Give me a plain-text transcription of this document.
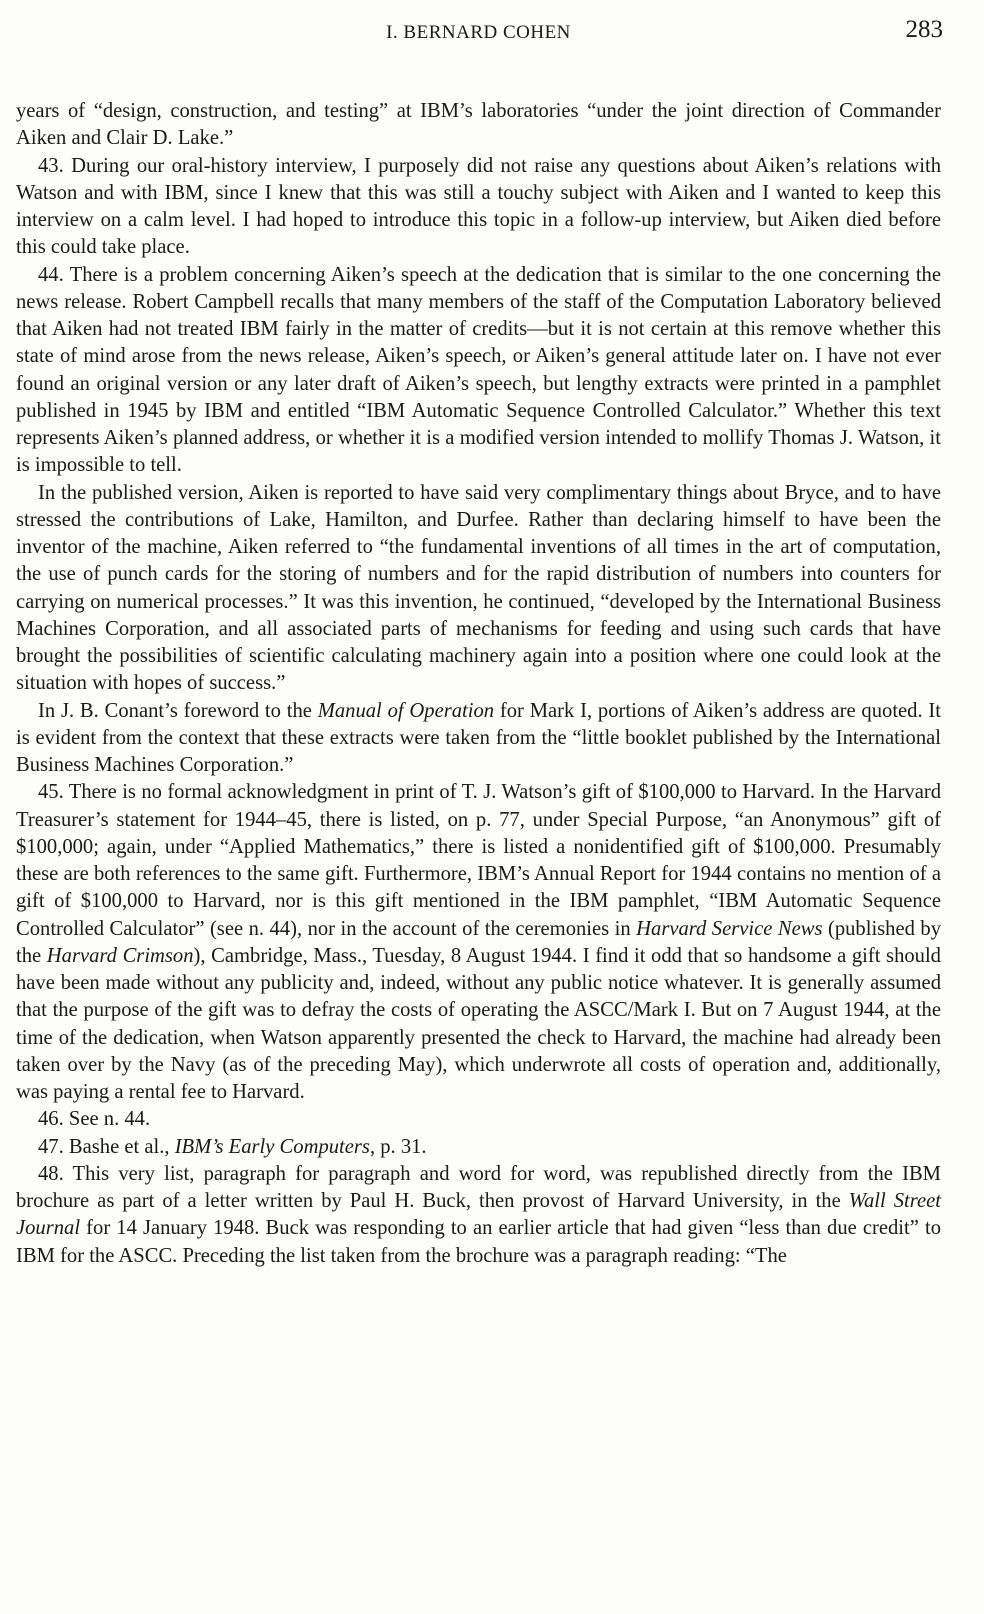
I. BERNARD COHEN	283

years of “design, construction, and testing” at IBM’s laboratories “under the joint direction of Commander Aiken and Clair D. Lake.”

43. During our oral-history interview, I purposely did not raise any questions about Aiken’s relations with Watson and with IBM, since I knew that this was still a touchy subject with Aiken and I wanted to keep this interview on a calm level. I had hoped to introduce this topic in a follow-up interview, but Aiken died before this could take place.

44. There is a problem concerning Aiken’s speech at the dedication that is similar to the one concerning the news release. Robert Campbell recalls that many members of the staff of the Computation Laboratory believed that Aiken had not treated IBM fairly in the matter of credits—but it is not certain at this remove whether this state of mind arose from the news release, Aiken’s speech, or Aiken’s general attitude later on. I have not ever found an original version or any later draft of Aiken’s speech, but lengthy extracts were printed in a pamphlet published in 1945 by IBM and entitled “IBM Automatic Sequence Controlled Calculator.” Whether this text represents Aiken’s planned address, or whether it is a modified version intended to mollify Thomas J. Watson, it is impossible to tell.

In the published version, Aiken is reported to have said very complimentary things about Bryce, and to have stressed the contributions of Lake, Hamilton, and Durfee. Rather than declaring himself to have been the inventor of the machine, Aiken referred to “the fundamental inventions of all times in the art of computation, the use of punch cards for the storing of numbers and for the rapid distribution of numbers into counters for carrying on numerical processes.” It was this invention, he continued, “developed by the International Business Machines Corporation, and all associated parts of mechanisms for feeding and using such cards that have brought the possibilities of scientific calculating machinery again into a position where one could look at the situation with hopes of success.”

In J. B. Conant’s foreword to the Manual of Operation for Mark I, portions of Aiken’s address are quoted. It is evident from the context that these extracts were taken from the “little booklet published by the International Business Machines Corporation.”

45. There is no formal acknowledgment in print of T. J. Watson’s gift of $100,000 to Harvard. In the Harvard Treasurer’s statement for 1944–45, there is listed, on p. 77, under Special Purpose, “an Anonymous” gift of $100,000; again, under “Applied Mathematics,” there is listed a nonidentified gift of $100,000. Presumably these are both references to the same gift. Furthermore, IBM’s Annual Report for 1944 contains no mention of a gift of $100,000 to Harvard, nor is this gift mentioned in the IBM pamphlet, “IBM Automatic Sequence Controlled Calculator” (see n. 44), nor in the account of the ceremonies in Harvard Service News (published by the Harvard Crimson), Cambridge, Mass., Tuesday, 8 August 1944. I find it odd that so handsome a gift should have been made without any publicity and, indeed, without any public notice whatever. It is generally assumed that the purpose of the gift was to defray the costs of operating the ASCC/Mark I. But on 7 August 1944, at the time of the dedication, when Watson apparently presented the check to Harvard, the machine had already been taken over by the Navy (as of the preceding May), which underwrote all costs of operation and, additionally, was paying a rental fee to Harvard.

46. See n. 44.

47. Bashe et al., IBM’s Early Computers, p. 31.

48. This very list, paragraph for paragraph and word for word, was republished directly from the IBM brochure as part of a letter written by Paul H. Buck, then provost of Harvard University, in the Wall Street Journal for 14 January 1948. Buck was responding to an earlier article that had given “less than due credit” to IBM for the ASCC. Preceding the list taken from the brochure was a paragraph reading: “The
